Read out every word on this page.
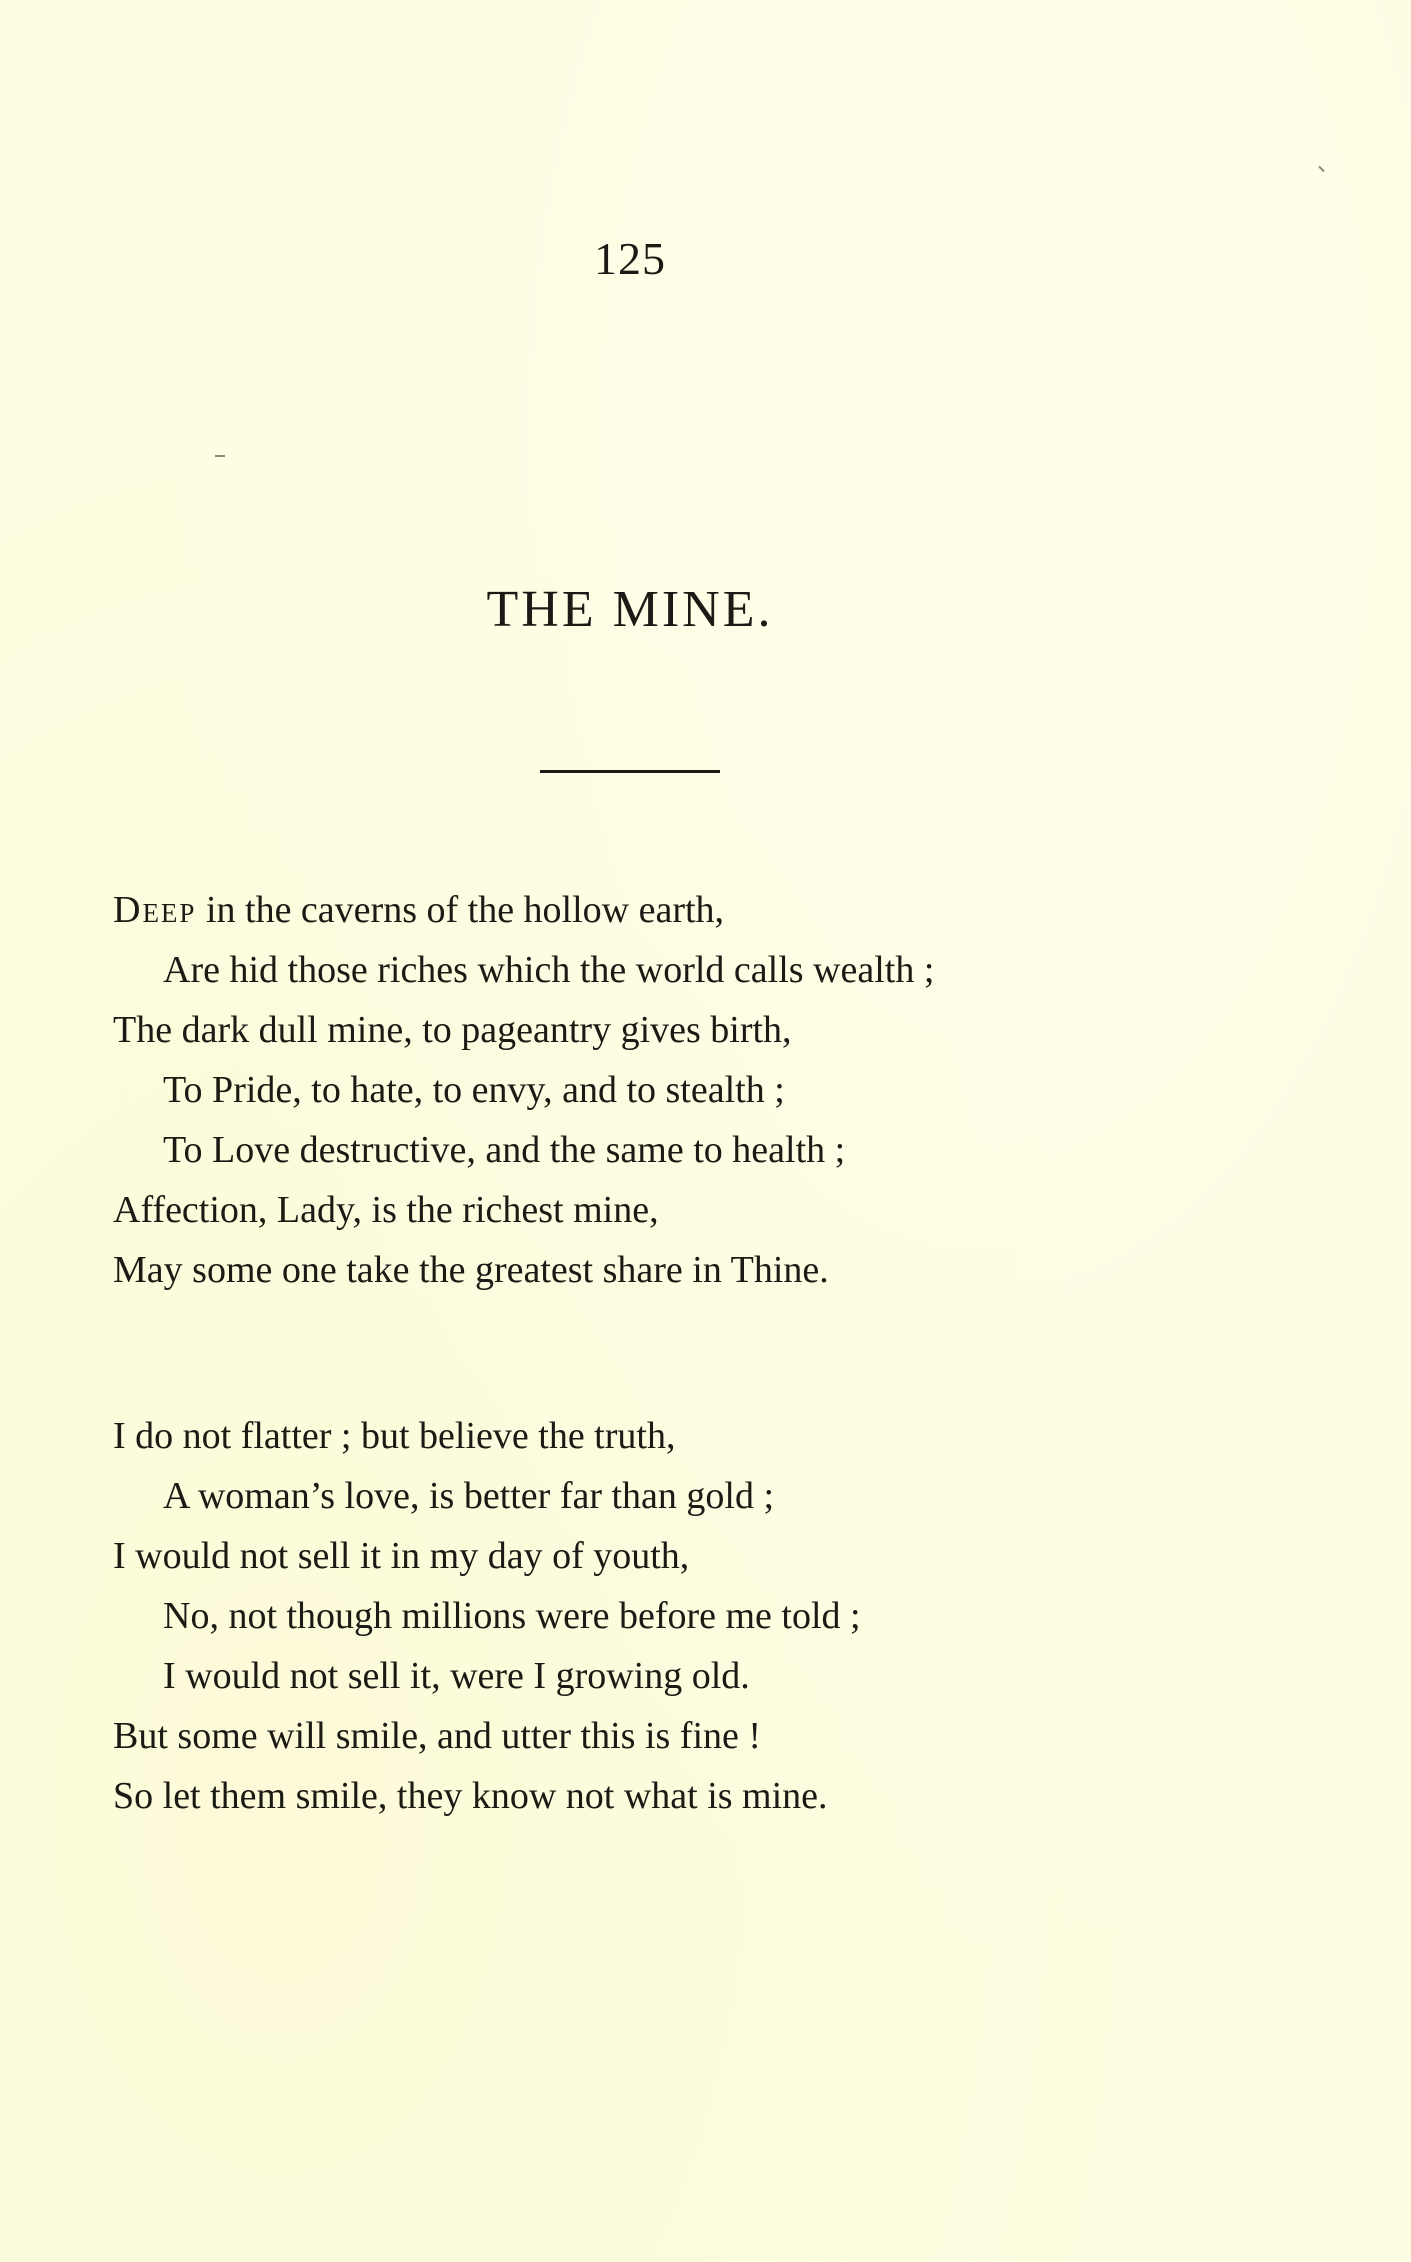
125
THE MINE.
Deep in the caverns of the hollow earth,
Are hid those riches which the world calls wealth ;
The dark dull mine, to pageantry gives birth,
To Pride, to hate, to envy, and to stealth ;
To Love destructive, and the same to health ;
Affection, Lady, is the richest mine,
May some one take the greatest share in Thine.
I do not flatter ; but believe the truth,
A woman’s love, is better far than gold ;
I would not sell it in my day of youth,
No, not though millions were before me told ;
I would not sell it, were I growing old.
But some will smile, and utter this is fine !
So let them smile, they know not what is mine.
